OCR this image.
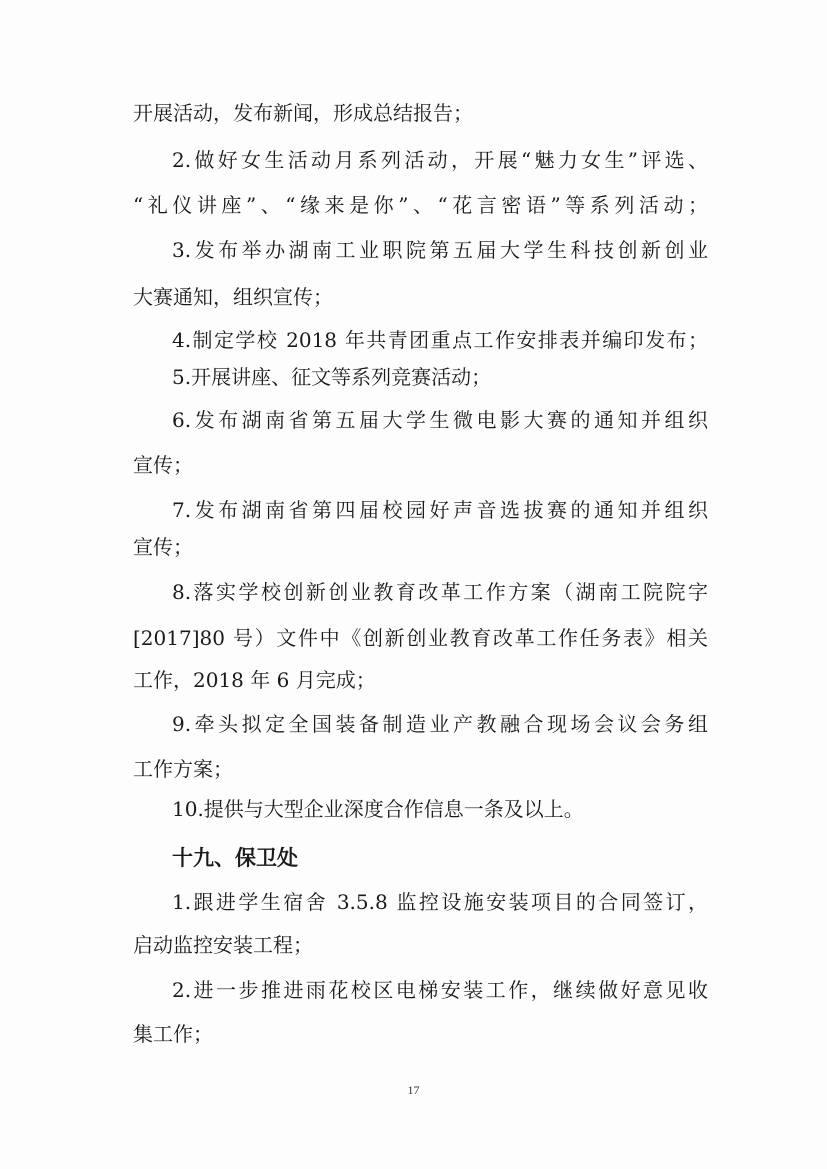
开展活动，发布新闻，形成总结报告；
2.做好女生活动月系列活动，开展“魅力女生”评选、
“礼仪讲座”、“缘来是你”、“花言密语”等系列活动；
3.发布举办湖南工业职院第五届大学生科技创新创业
大赛通知，组织宣传；
4.制定学校 2018 年共青团重点工作安排表并编印发布；
5.开展讲座、征文等系列竞赛活动；
6.发布湖南省第五届大学生微电影大赛的通知并组织
宣传；
7.发布湖南省第四届校园好声音选拔赛的通知并组织
宣传；
8.落实学校创新创业教育改革工作方案（湖南工院院字
[2017]80 号）文件中《创新创业教育改革工作任务表》相关
工作，2018 年 6 月完成；
9.牵头拟定全国装备制造业产教融合现场会议会务组
工作方案；
10.提供与大型企业深度合作信息一条及以上。
十九、保卫处
1.跟进学生宿舍 3.5.8 监控设施安装项目的合同签订，
启动监控安装工程；
2.进一步推进雨花校区电梯安装工作，继续做好意见收
集工作；
17
